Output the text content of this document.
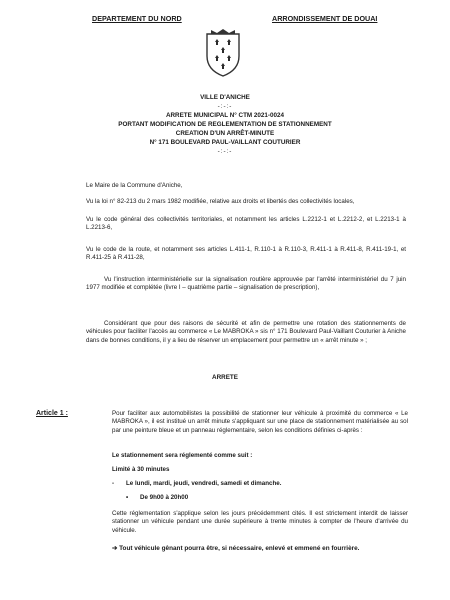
DEPARTEMENT DU NORD	ARRONDISSEMENT DE DOUAI
VILLE D'ANICHE
-:-:-
ARRETE MUNICIPAL N° CTM 2021-0024
PORTANT MODIFICATION DE REGLEMENTATION DE STATIONNEMENT
CREATION D'UN ARRÊT-MINUTE
N° 171 BOULEVARD PAUL-VAILLANT COUTURIER
-:-:-
Le Maire de la Commune d'Aniche,
Vu la loi n° 82-213 du 2 mars 1982 modifiée, relative aux droits et libertés des collectivités locales,
Vu le code général des collectivités territoriales, et notamment les articles L.2212-1 et L.2212-2, et L.2213-1 à L.2213-6,
Vu le code de la route, et notamment ses articles L.411-1, R.110-1 à R.110-3, R.411-1 à R.411-8, R.411-19-1, et R.411-25 à R.411-28,
Vu l'instruction interministérielle sur la signalisation routière approuvée par l'arrêté interministériel du 7 juin 1977 modifiée et complétée (livre I – quatrième partie – signalisation de prescription),
Considérant que pour des raisons de sécurité et afin de permettre une rotation des stationnements de véhicules pour faciliter l'accès au commerce « Le MABROKA » sis n° 171 Boulevard Paul-Vaillant Couturier à Aniche dans de bonnes conditions, il y a lieu de réserver un emplacement pour permettre un « arrêt minute » ;
ARRETE
Article 1 :	Pour faciliter aux automobilistes la possibilité de stationner leur véhicule à proximité du commerce « Le MABROKA », il est institué un arrêt minute s'appliquant sur une place de stationnement matérialisée au sol par une peinture bleue et un panneau réglementaire, selon les conditions définies ci-après :
Le stationnement sera réglementé comme suit :
Limité à 30 minutes
- Le lundi, mardi, jeudi, vendredi, samedi et dimanche.
• De 9h00 à 20h00
Cette réglementation s'applique selon les jours précédemment cités. Il est strictement interdit de laisser stationner un véhicule pendant une durée supérieure à trente minutes à compter de l'heure d'arrivée du véhicule.
➔ Tout véhicule gênant pourra être, si nécessaire, enlevé et emmené en fourrière.
